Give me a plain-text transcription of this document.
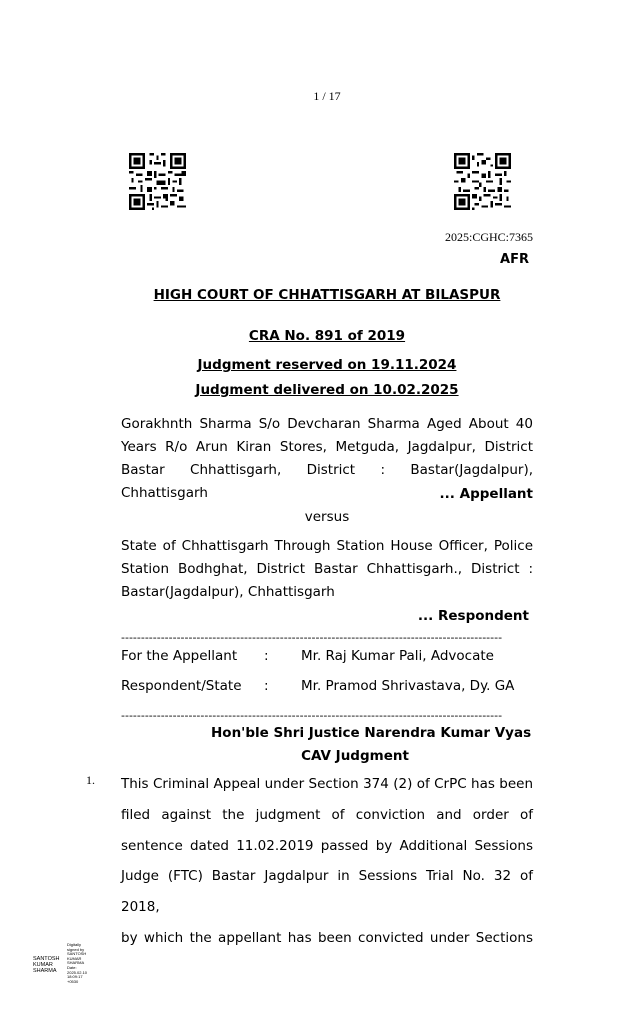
1 / 17
2025:CGHC:7365
AFR
HIGH COURT OF CHHATTISGARH AT BILASPUR
CRA No. 891 of 2019
Judgment reserved on 19.11.2024
Judgment delivered on 10.02.2025
Gorakhnth Sharma S/o Devcharan Sharma Aged About 40
Years R/o Arun Kiran Stores, Metguda, Jagdalpur, District
Bastar Chhattisgarh, District : Bastar(Jagdalpur), Chhattisgarh	... Appellant
versus
State of Chhattisgarh Through Station House Officer, Police
Station Bodhghat, District Bastar Chhattisgarh., District :
Bastar(Jagdalpur), Chhattisgarh
... Respondent
------------------------------------------------------------------------------------------------
For the Appellant : Mr. Raj Kumar Pali, Advocate
Respondent/State : Mr. Pramod Shrivastava, Dy. GA
------------------------------------------------------------------------------------------------
Hon'ble Shri Justice Narendra Kumar Vyas
CAV Judgment
1. This Criminal Appeal under Section 374 (2) of CrPC has been
filed against the judgment of conviction and order of
sentence dated 11.02.2019 passed by Additional Sessions
Judge (FTC) Bastar Jagdalpur in Sessions Trial No. 32 of 2018,
by which the appellant has been convicted under Sections
SANTOSH
KUMAR
SHARMA
Digitally
signed by
SANTOSH
KUMAR
SHARMA
Date:
2025.02.10
18:09:17
+0530
